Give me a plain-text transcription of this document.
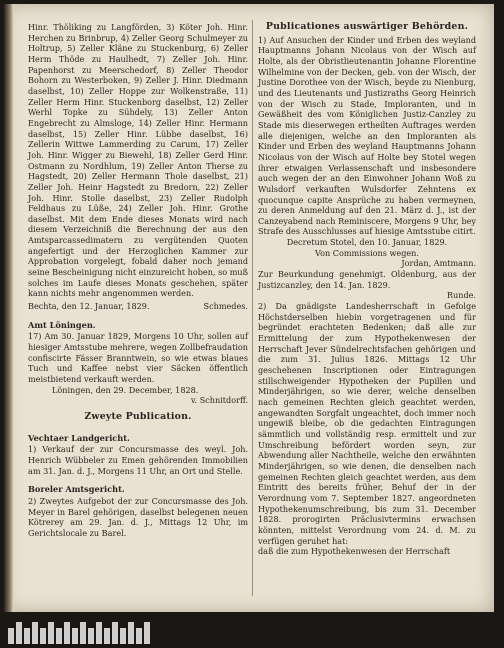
Hinr. Thöliking zu Langförden, 3) Köter Joh. Hinr. Herchen zu Brinbrup, 4) Zeller Georg Schulmeyer zu Holtrup, 5) Zeller Kläne zu Stuckenburg, 6) Zeller Herm Thöde zu Haulhedt, 7) Zeller Joh. Hinr. Papenhorst zu Meerschedorf, 8) Zeller Theodor Bohorn zu Westerboken, 9) Zeller J. Hinr. Diedmann daselbst, 10) Zeller Hoppe zur Wolkenstraße, 11) Zeller Herm Hinr. Stuckenborg daselbst, 12) Zeller Werhl Topke zu Sühdely, 13) Zeller Anton Engebrecht zu Almsloge, 14) Zeller Hinr. Hermann daselbst, 15) Zeller Hinr. Lübbe daselbst, 16) Zellerin Wittwe Lammerding zu Carum, 17) Zeller Joh. Hinr. Wigger zu Biewehl, 18) Zeller Gerd Hinr. Ostmann zu Nordhlum, 19) Zeller Anton Therse zu Hagstedt, 20) Zeller Hermann Thole daselbst, 21) Zeller Joh. Heinr Hagstedt zu Bredorn, 22) Zeller Joh. Hinr. Stolle daselbst, 23) Zeller Rudolph Feldhaus zu Lüße, 24) Zeller Joh. Hinr. Grothe daselbst. Mit dem Ende dieses Monats wird nach diesem Verzeichniß die Berechnung der aus den Amtsparcassedimatern zu vergütenden Quoten angefertigt und der Herzoglichen Kammer zur Approbation vorgelegt, fobald daher noch jemand seine Bescheinigung nicht einzureicht hoben, so muß solches im Laufe dieses Monats geschehen, später kann nichts mehr angenommen werden.

Bechta, den 12. Januar, 1829.	Schmedes.

Amt Löningen.

17) Am 30. Januar 1829, Morgens 10 Uhr, sollen auf hiesiger Amtsstube mehrere, wegen Zollbefraudation confiscirte Fässer Branntwein, so wie etwas blaues Tuch und Kaffee nebst vier Säcken öffentlich meistbietend verkauft werden.

Löningen, den 29. December, 1828.

v. Schnitdorff.

Zweyte Publication.
Vechtaer Landgericht.

1) Verkauf der zur Concursmasse des weyl. Joh. Henrich Wübbeler zu Emen gehörenden Immobilien am 31. Jan. d. J., Morgens 11 Uhr, an Ort und Stelle.

Boreler Amtsgericht.

2) Zweytes Aufgebot der zur Concursmasse des Joh. Meyer in Barel gehörigen, daselbst belegenen neuen Kötrerey am 29. Jan. d. J., Mittags 12 Uhr, im Gerichtslocale zu Barel.

Publicationes auswärtiger Behörden.

1) Auf Ansuchen der Kinder und Erben des weyland Hauptmanns Johann Nicolaus von der Wisch auf Holte, als der Obristlieutenantin Johanne Florentine Wilhelmine von der Decken, geb. von der Wisch, der Justine Dorothee von der Wisch, beyde zu Nienburg, und des Lieutenants und Justizraths Georg Heinrich von der Wisch zu Stade, Imploranten, und in Gewäßheit des vom Königlichen Justiz-Canzley zu Stade mis dieserwegen ertheilten Auftrages werden alle diejenigen, welche an den Imploranten als Kinder und Erben des weyland Hauptmanns Johann Nicolaus von der Wisch auf Holte bey Stotel wegen ihrer etwaigen Verlassenschaft und insbesondere auch wegen der an den Einwohner Johann Woß zu Wulsdorf verkauften Wulsdorfer Zehntens ex quocunque capite Ansprüche zu haben vermeynen, zu deren Anmeldung auf den 21. März d. J., ist der Canzeyabend nach Reminiscere, Morgens 9 Uhr, bey Strafe des Ausschlusses auf hiesige Amtsstube citirt.

Decretum Stotel, den 10. Januar, 1829.

Von Commissions wegen.

Jordan, Amtmann.

Zur Beurkundung genehmigt. Oldenburg, aus der Justizcanzley, den 14. Jan. 1829.

Runde.

2) Da gnädigste Landesherrschaft in Gefolge Höchstderselben hiebin vorgetragenen und für begründet erachteten Bedenken; daß alle zur Ermittelung der zum Hypothekenwesen der Herrschaft Jever Sündelrechtsfachen gehörigen und die zum 31. Julius 1826. Mittags 12 Uhr geschehenen Inscriptionen oder Eintragungen stillschweigender Hypotheken der Pupillen und Minderjährigen, so wie derer, welche denselben nach gemeinen Rechten gleich geachtet werden, angewandten Sorgfalt ungeachtet, doch immer noch ungewiß bleibe, ob die gedachten Eintragungen sämmtlich und vollständig resp. ermittelt und zur Umschreibung befördert worden seyn, zur Abwendung aller Nachtheile, welche den erwähnten Minderjährigen, so wie denen, die denselben nach gemeinen Rechten gleich geachtet werden, aus dem Eintritt des bereits früher, Behuf der in der Verordnung vom 7. September 1827. angeordneten Hypothekenumschreibung, bis zum 31. December 1828. prorogirten Präclusivtermins erwachsen könnten, mittelst Verordnung vom 24. d. M. zu verfügen geruhet hat:

daß die zum Hypothekenwesen der Herrschaft
